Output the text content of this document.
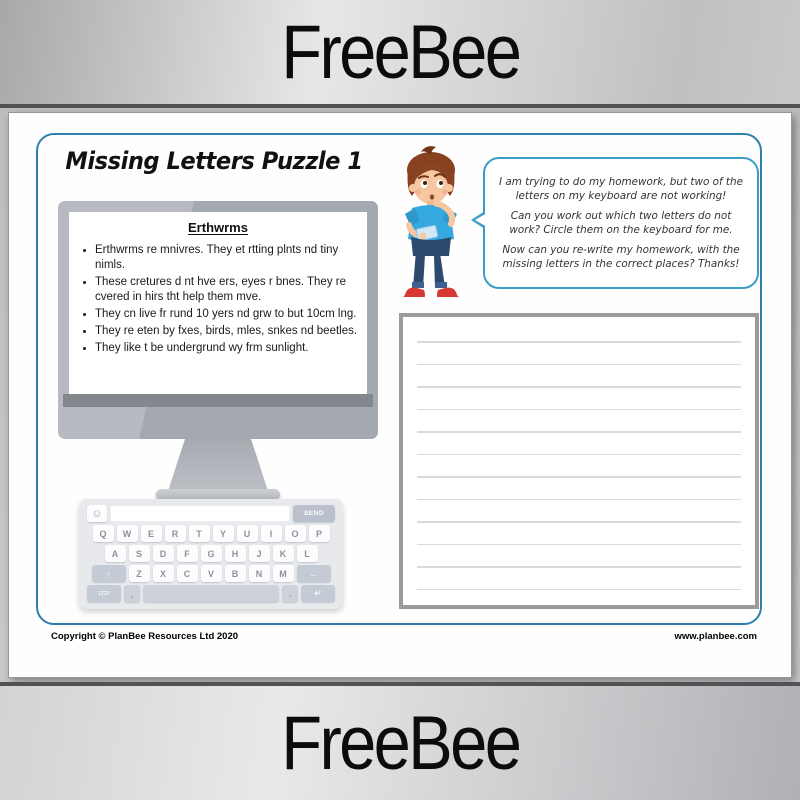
FreeBee
Missing Letters Puzzle 1
Erthwrms
• Erthwrms re mnivres. They et rtting plnts nd tiny nimls.
• These cretures d nt hve ers, eyes r bnes. They re cvered in hirs tht help them mve.
• They cn live fr rund 10 yers nd grw to but 10cm lng.
• They re eten by fxes, birds, mles, snkes nd beetles.
• They like t be undergrund wy frm sunlight.
☺	SEND
Q	W	E	R	T	Y	U	I	O	P
A	S	D	F	G	H	J	K	L
↑	Z	X	C	V	B	N	M	←
123?	,	.	↵

I am trying to do my homework, but two of the letters on my keyboard are not working!

Can you work out which two letters do not work? Circle them on the keyboard for me.

Now can you re-write my homework, with the missing letters in the correct places? Thanks!

Copyright © PlanBee Resources Ltd 2020	www.planbee.com
FreeBee
